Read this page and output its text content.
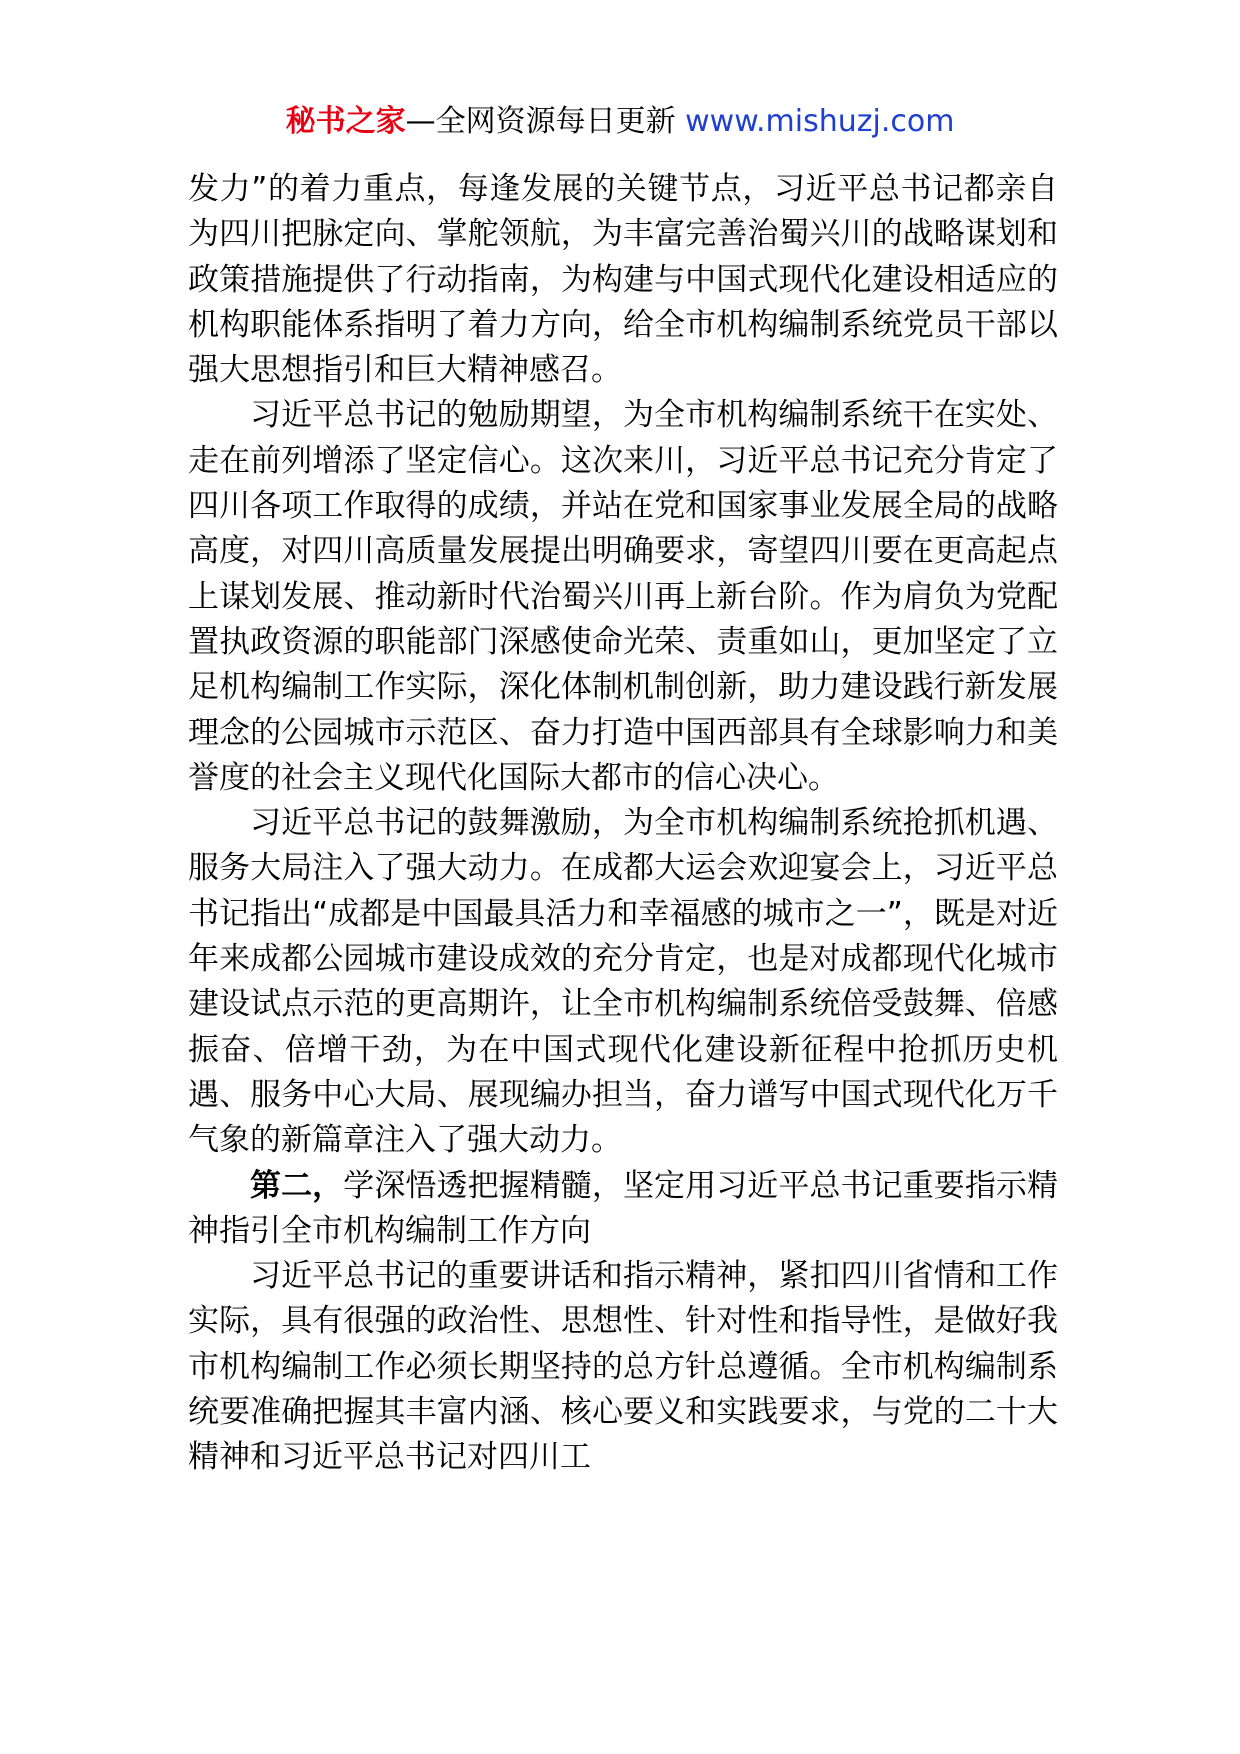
秘书之家—全网资源每日更新 www.mishuzj.com

发力”的着力重点，每逢发展的关键节点，习近平总书记都亲自为四川把脉定向、掌舵领航，为丰富完善治蜀兴川的战略谋划和政策措施提供了行动指南，为构建与中国式现代化建设相适应的机构职能体系指明了着力方向，给全市机构编制系统党员干部以强大思想指引和巨大精神感召。

习近平总书记的勉励期望，为全市机构编制系统干在实处、走在前列增添了坚定信心。这次来川，习近平总书记充分肯定了四川各项工作取得的成绩，并站在党和国家事业发展全局的战略高度，对四川高质量发展提出明确要求，寄望四川要在更高起点上谋划发展、推动新时代治蜀兴川再上新台阶。作为肩负为党配置执政资源的职能部门深感使命光荣、责重如山，更加坚定了立足机构编制工作实际，深化体制机制创新，助力建设践行新发展理念的公园城市示范区、奋力打造中国西部具有全球影响力和美誉度的社会主义现代化国际大都市的信心决心。

习近平总书记的鼓舞激励，为全市机构编制系统抢抓机遇、服务大局注入了强大动力。在成都大运会欢迎宴会上，习近平总书记指出“成都是中国最具活力和幸福感的城市之一”，既是对近年来成都公园城市建设成效的充分肯定，也是对成都现代化城市建设试点示范的更高期许，让全市机构编制系统倍受鼓舞、倍感振奋、倍增干劲，为在中国式现代化建设新征程中抢抓历史机遇、服务中心大局、展现编办担当，奋力谱写中国式现代化万千气象的新篇章注入了强大动力。

第二，学深悟透把握精髓，坚定用习近平总书记重要指示精神指引全市机构编制工作方向

习近平总书记的重要讲话和指示精神，紧扣四川省情和工作实际，具有很强的政治性、思想性、针对性和指导性，是做好我市机构编制工作必须长期坚持的总方针总遵循。全市机构编制系统要准确把握其丰富内涵、核心要义和实践要求，与党的二十大精神和习近平总书记对四川工
